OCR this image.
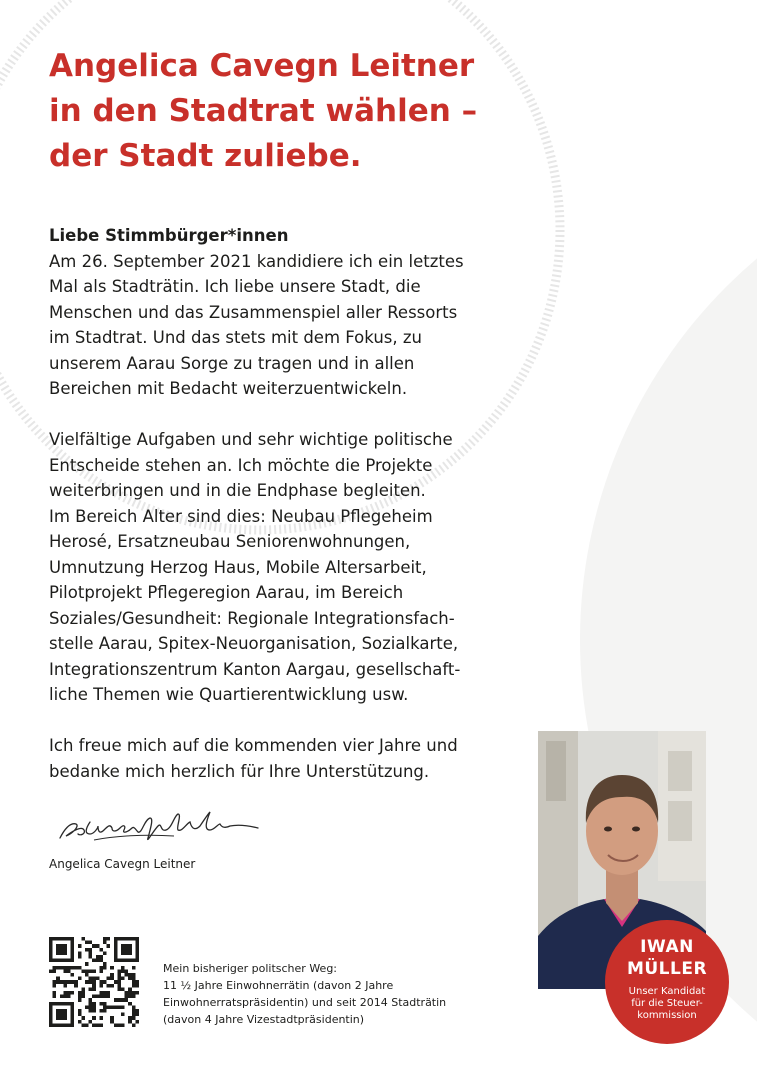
Angelica Cavegn Leitner
in den Stadtrat wählen –
der Stadt zuliebe.

Liebe Stimmbürger*innen

Am 26. September 2021 kandidiere ich ein letztes
Mal als Stadträtin. Ich liebe unsere Stadt, die
Menschen und das Zusammenspiel aller Ressorts
im Stadtrat. Und das stets mit dem Fokus, zu
unserem Aarau Sorge zu tragen und in allen
Bereichen mit Bedacht weiterzuentwickeln.

Vielfältige Aufgaben und sehr wichtige politische
Entscheide stehen an. Ich möchte die Projekte
weiterbringen und in die Endphase begleiten.
Im Bereich Alter sind dies: Neubau Pflegeheim
Herosé, Ersatzneubau Seniorenwohnungen,
Umnutzung Herzog Haus, Mobile Altersarbeit,
Pilotprojekt Pflegeregion Aarau, im Bereich
Soziales/Gesundheit: Regionale Integrationsfach-
stelle Aarau, Spitex-Neuorganisation, Sozialkarte,
Integrationszentrum Kanton Aargau, gesellschaft-
liche Themen wie Quartierentwicklung usw.

Ich freue mich auf die kommenden vier Jahre und
bedanke mich herzlich für Ihre Unterstützung.

Angelica Cavegn Leitner
Mein bisheriger politscher Weg:
11 ½ Jahre Einwohnerrätin (davon 2 Jahre
Einwohnerratspräsidentin) und seit 2014 Stadträtin
(davon 4 Jahre Vizestadtpräsidentin)
IWAN
MÜLLER
Unser Kandidat
für die Steuer-
kommission
